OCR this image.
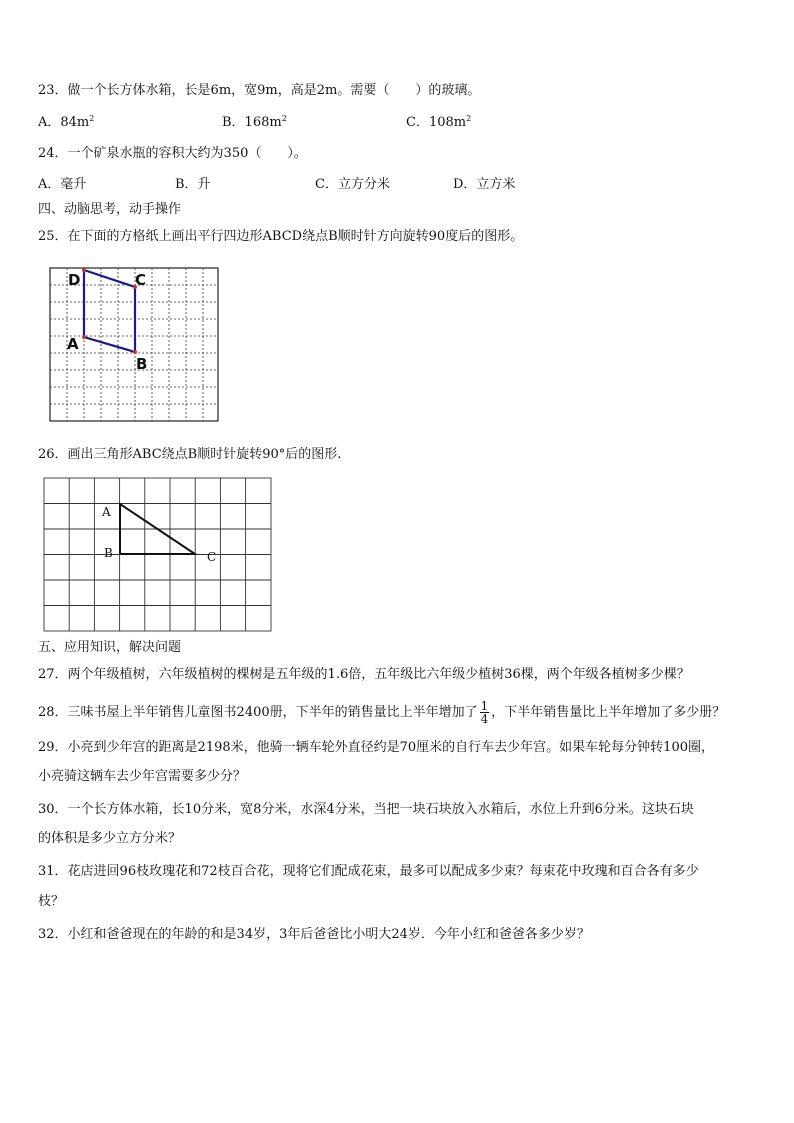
23．做一个长方体水箱，长是6m，宽9m，高是2m。需要（　　）的玻璃。
A．$84m^2$	B．$168m^2$	C．$108m^2$
24．一个矿泉水瓶的容积大约为350（　　）。
A．毫升	B．升	C．立方分米	D．立方米
四、动脑思考，动手操作
25．在下面的方格纸上画出平行四边形ABCD绕点B顺时针方向旋转90度后的图形。
D	C
A
B
26．画出三角形ABC绕点B顺时针旋转90°后的图形.
A
B	C
五、应用知识，解决问题
27．两个年级植树，六年级植树的棵树是五年级的1.6倍，五年级比六年级少植树36棵，两个年级各植树多少棵？
28．三味书屋上半年销售儿童图书2400册，下半年的销售量比上半年增加了 $\frac{1}{4}$ ，下半年销售量比上半年增加了多少册？
29．小亮到少年宫的距离是2198米，他骑一辆车轮外直径约是70厘米的自行车去少年宫。如果车轮每分钟转100圈，
小亮骑这辆车去少年宫需要多少分？
30．一个长方体水箱，长10分米，宽8分米，水深4分米，当把一块石块放入水箱后，水位上升到6分米。这块石块
的体积是多少立方分米？
31．花店进回96枝玫瑰花和72枝百合花，现将它们配成花束，最多可以配成多少束？每束花中玫瑰和百合各有多少
枝？
32．小红和爸爸现在的年龄的和是34岁，3年后爸爸比小明大24岁．今年小红和爸爸各多少岁？
